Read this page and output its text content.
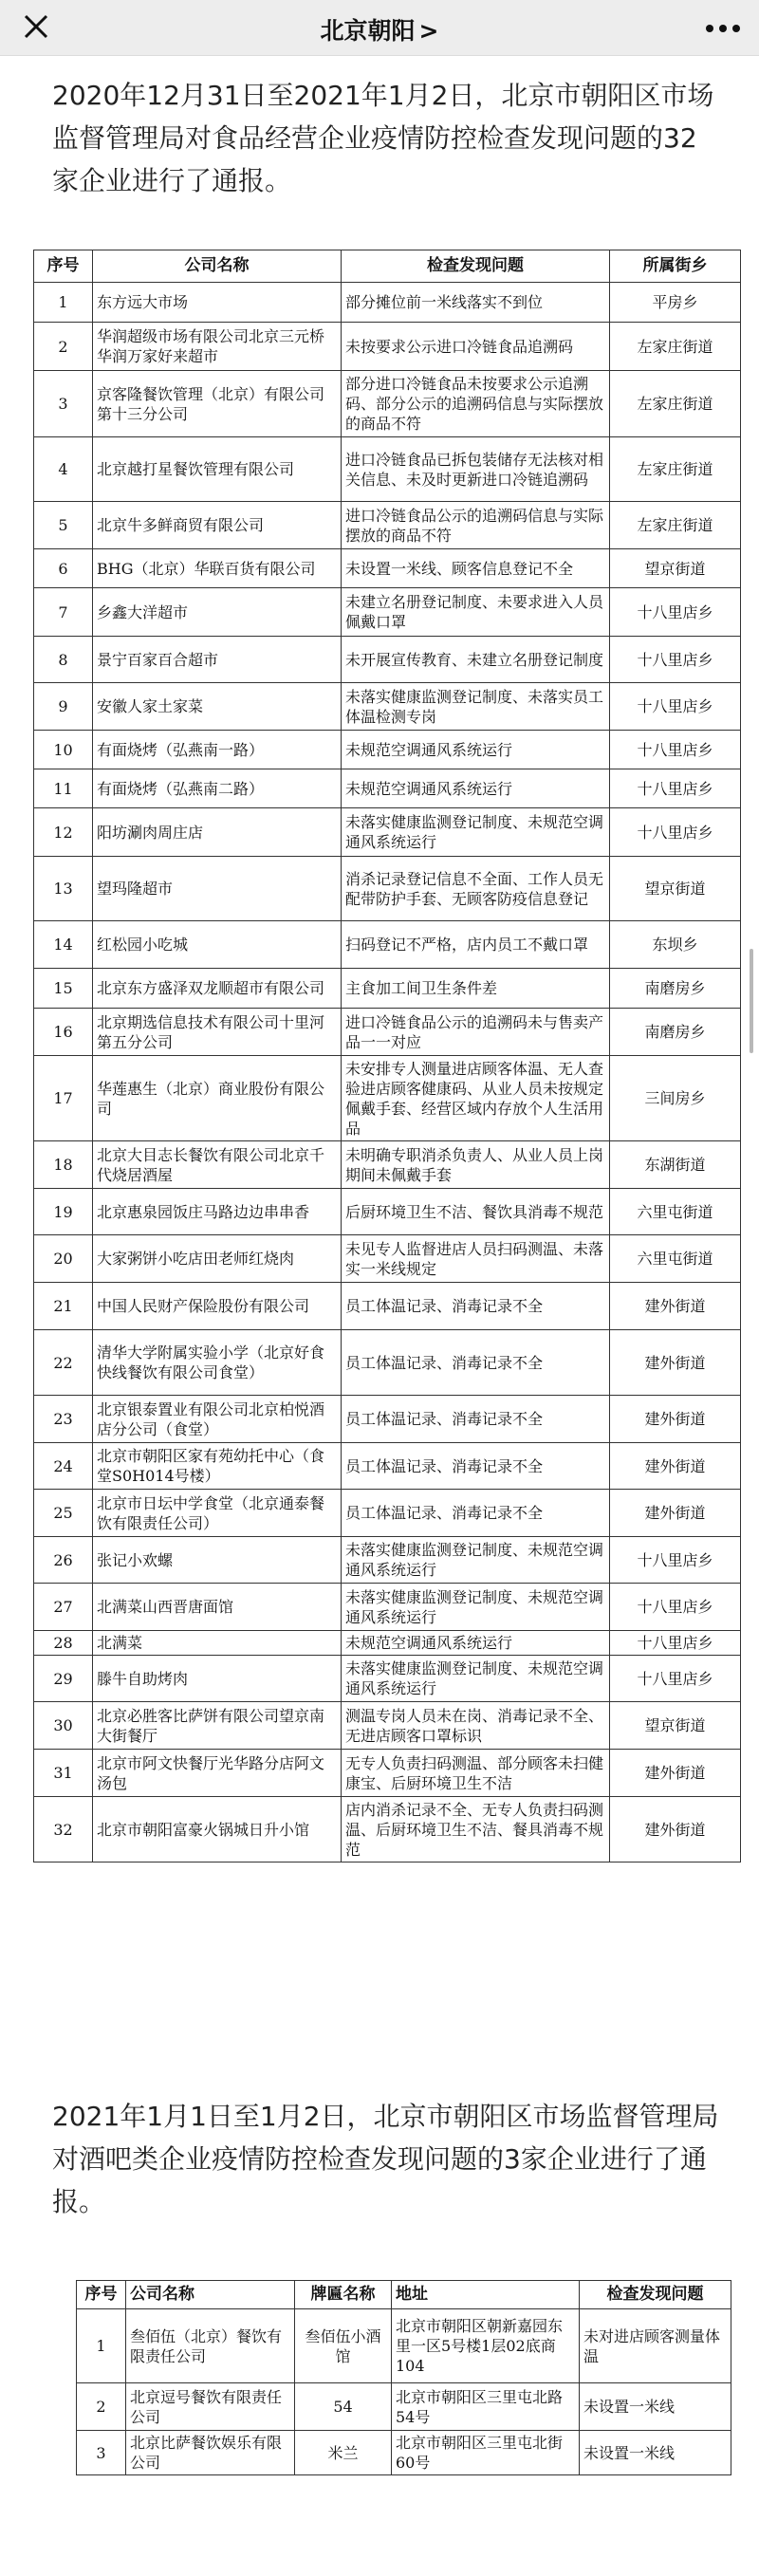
北京朝阳 >
2020年12月31日至2021年1月2日，北京市朝阳区市场监督管理局对食品经营企业疫情防控检查发现问题的32家企业进行了通报。
序号	公司名称	检查发现问题	所属街乡
1	东方远大市场	部分摊位前一米线落实不到位	平房乡
2	华润超级市场有限公司北京三元桥华润万家好来超市	未按要求公示进口冷链食品追溯码	左家庄街道
3	京客隆餐饮管理（北京）有限公司第十三分公司	部分进口冷链食品未按要求公示追溯码、部分公示的追溯码信息与实际摆放的商品不符	左家庄街道
4	北京越打星餐饮管理有限公司	进口冷链食品已拆包装储存无法核对相关信息、未及时更新进口冷链追溯码	左家庄街道
5	北京牛多鲜商贸有限公司	进口冷链食品公示的追溯码信息与实际摆放的商品不符	左家庄街道
6	BHG（北京）华联百货有限公司	未设置一米线、顾客信息登记不全	望京街道
7	乡鑫大洋超市	未建立名册登记制度、未要求进入人员佩戴口罩	十八里店乡
8	景宁百家百合超市	未开展宣传教育、未建立名册登记制度	十八里店乡
9	安徽人家土家菜	未落实健康监测登记制度、未落实员工体温检测专岗	十八里店乡
10	有面烧烤（弘燕南一路）	未规范空调通风系统运行	十八里店乡
11	有面烧烤（弘燕南二路）	未规范空调通风系统运行	十八里店乡
12	阳坊涮肉周庄店	未落实健康监测登记制度、未规范空调通风系统运行	十八里店乡
13	望玛隆超市	消杀记录登记信息不全面、工作人员无配带防护手套、无顾客防疫信息登记	望京街道
14	红松园小吃城	扫码登记不严格，店内员工不戴口罩	东坝乡
15	北京东方盛泽双龙顺超市有限公司	主食加工间卫生条件差	南磨房乡
16	北京期选信息技术有限公司十里河第五分公司	进口冷链食品公示的追溯码未与售卖产品一一对应	南磨房乡
17	华莲惠生（北京）商业股份有限公司	未安排专人测量进店顾客体温、无人查验进店顾客健康码、从业人员未按规定佩戴手套、经营区域内存放个人生活用品	三间房乡
18	北京大目志长餐饮有限公司北京千代烧居酒屋	未明确专职消杀负责人、从业人员上岗期间未佩戴手套	东湖街道
19	北京惠泉园饭庄马路边边串串香	后厨环境卫生不洁、餐饮具消毒不规范	六里屯街道
20	大家粥饼小吃店田老师红烧肉	未见专人监督进店人员扫码测温、未落实一米线规定	六里屯街道
21	中国人民财产保险股份有限公司	员工体温记录、消毒记录不全	建外街道
22	清华大学附属实验小学（北京好食快线餐饮有限公司食堂）	员工体温记录、消毒记录不全	建外街道
23	北京银泰置业有限公司北京柏悦酒店分公司（食堂）	员工体温记录、消毒记录不全	建外街道
24	北京市朝阳区家有苑幼托中心（食堂S0H014号楼）	员工体温记录、消毒记录不全	建外街道
25	北京市日坛中学食堂（北京通泰餐饮有限责任公司）	员工体温记录、消毒记录不全	建外街道
26	张记小欢螺	未落实健康监测登记制度、未规范空调通风系统运行	十八里店乡
27	北满菜山西晋唐面馆	未落实健康监测登记制度、未规范空调通风系统运行	十八里店乡
28	北满菜	未规范空调通风系统运行	十八里店乡
29	滕牛自助烤肉	未落实健康监测登记制度、未规范空调通风系统运行	十八里店乡
30	北京必胜客比萨饼有限公司望京南大街餐厅	测温专岗人员未在岗、消毒记录不全、无进店顾客口罩标识	望京街道
31	北京市阿文快餐厅光华路分店阿文汤包	无专人负责扫码测温、部分顾客未扫健康宝、后厨环境卫生不洁	建外街道
32	北京市朝阳富豪火锅城日升小馆	店内消杀记录不全、无专人负责扫码测温、后厨环境卫生不洁、餐具消毒不规范	建外街道
2021年1月1日至1月2日，北京市朝阳区市场监督管理局对酒吧类企业疫情防控检查发现问题的3家企业进行了通报。
序号	公司名称	牌匾名称	地址	检查发现问题
1	叁佰伍（北京）餐饮有限责任公司	叁佰伍小酒馆	北京市朝阳区朝新嘉园东里一区5号楼1层02底商104	未对进店顾客测量体温
2	北京逗号餐饮有限责任公司	54	北京市朝阳区三里屯北路54号	未设置一米线
3	北京比萨餐饮娱乐有限公司	米兰	北京市朝阳区三里屯北街60号	未设置一米线
